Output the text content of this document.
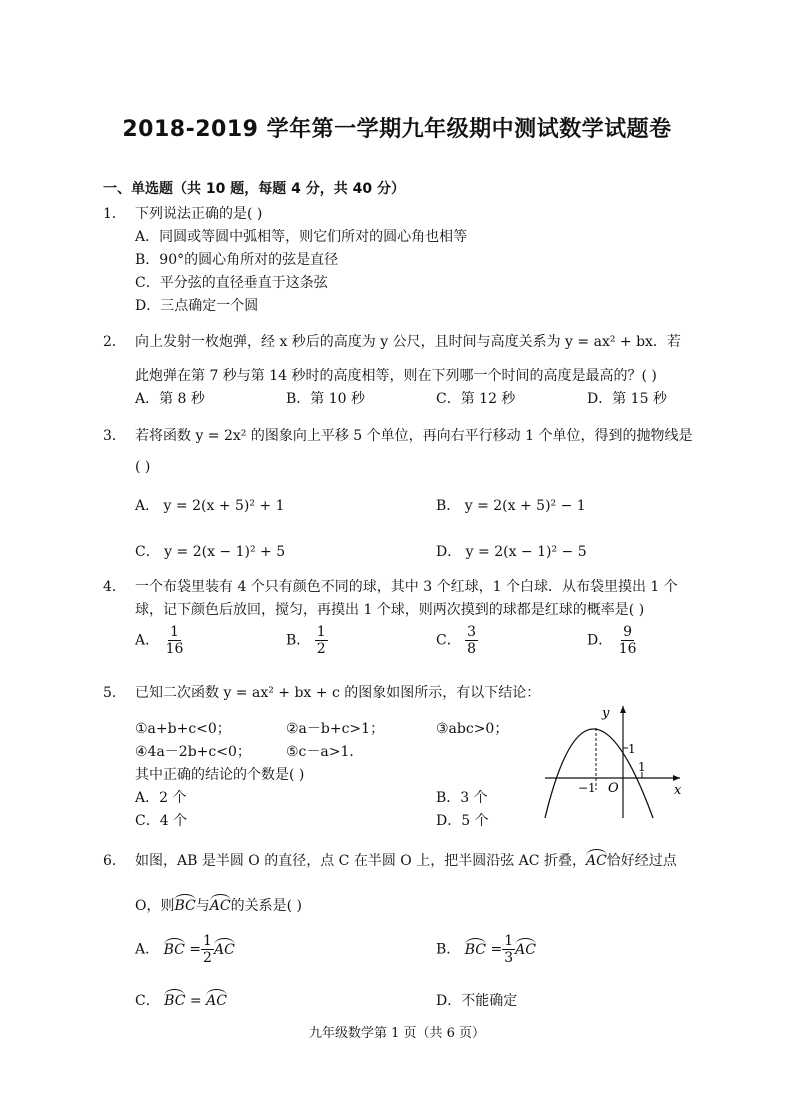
2018-2019 学年第一学期九年级期中测试数学试题卷
一、单选题（共 10 题，每题 4 分，共 40 分）
1． 下列说法正确的是( )
A．同圆或等圆中弧相等，则它们所对的圆心角也相等
B．90°的圆心角所对的弦是直径
C．平分弦的直径垂直于这条弦
D．三点确定一个圆
2． 向上发射一枚炮弹，经 x 秒后的高度为 y 公尺，且时间与高度关系为 y = ax² + bx．若
此炮弹在第 7 秒与第 14 秒时的高度相等，则在下列哪一个时间的高度是最高的？( )
A．第 8 秒	B．第 10 秒	C．第 12 秒	D．第 15 秒
3． 若将函数 y = 2x² 的图象向上平移 5 个单位，再向右平行移动 1 个单位，得到的抛物线是
( )
A． y = 2(x + 5)² + 1	B． y = 2(x + 5)² − 1
C． y = 2(x − 1)² + 5	D． y = 2(x − 1)² − 5
4． 一个布袋里装有 4 个只有颜色不同的球，其中 3 个红球，1 个白球．从布袋里摸出 1 个
球，记下颜色后放回，搅匀，再摸出 1 个球，则两次摸到的球都是红球的概率是( )
A． $\frac{1}{16}$	B． $\frac{1}{2}$	C． $\frac{3}{8}$	D． $\frac{9}{16}$
5． 已知二次函数 y = ax² + bx + c 的图象如图所示，有以下结论：
①a+b+c<0；	②a－b+c>1；	③abc>0；
④4a－2b+c<0；	⑤c－a>1．
其中正确的结论的个数是( )
A．2 个	B．3 个
C．4 个	D．5 个
y
x
O
1
1
−1
6． 如图，AB 是半圆 O 的直径，点 C 在半圆 O 上，把半圆沿弦 AC 折叠，AC恰好经过点
O，则BC与AC的关系是( )
A． BC = $\frac{1}{2}$ AC	B． BC = $\frac{1}{3}$ AC
C． BC = AC	D．不能确定
九年级数学第 1 页（共 6 页）
